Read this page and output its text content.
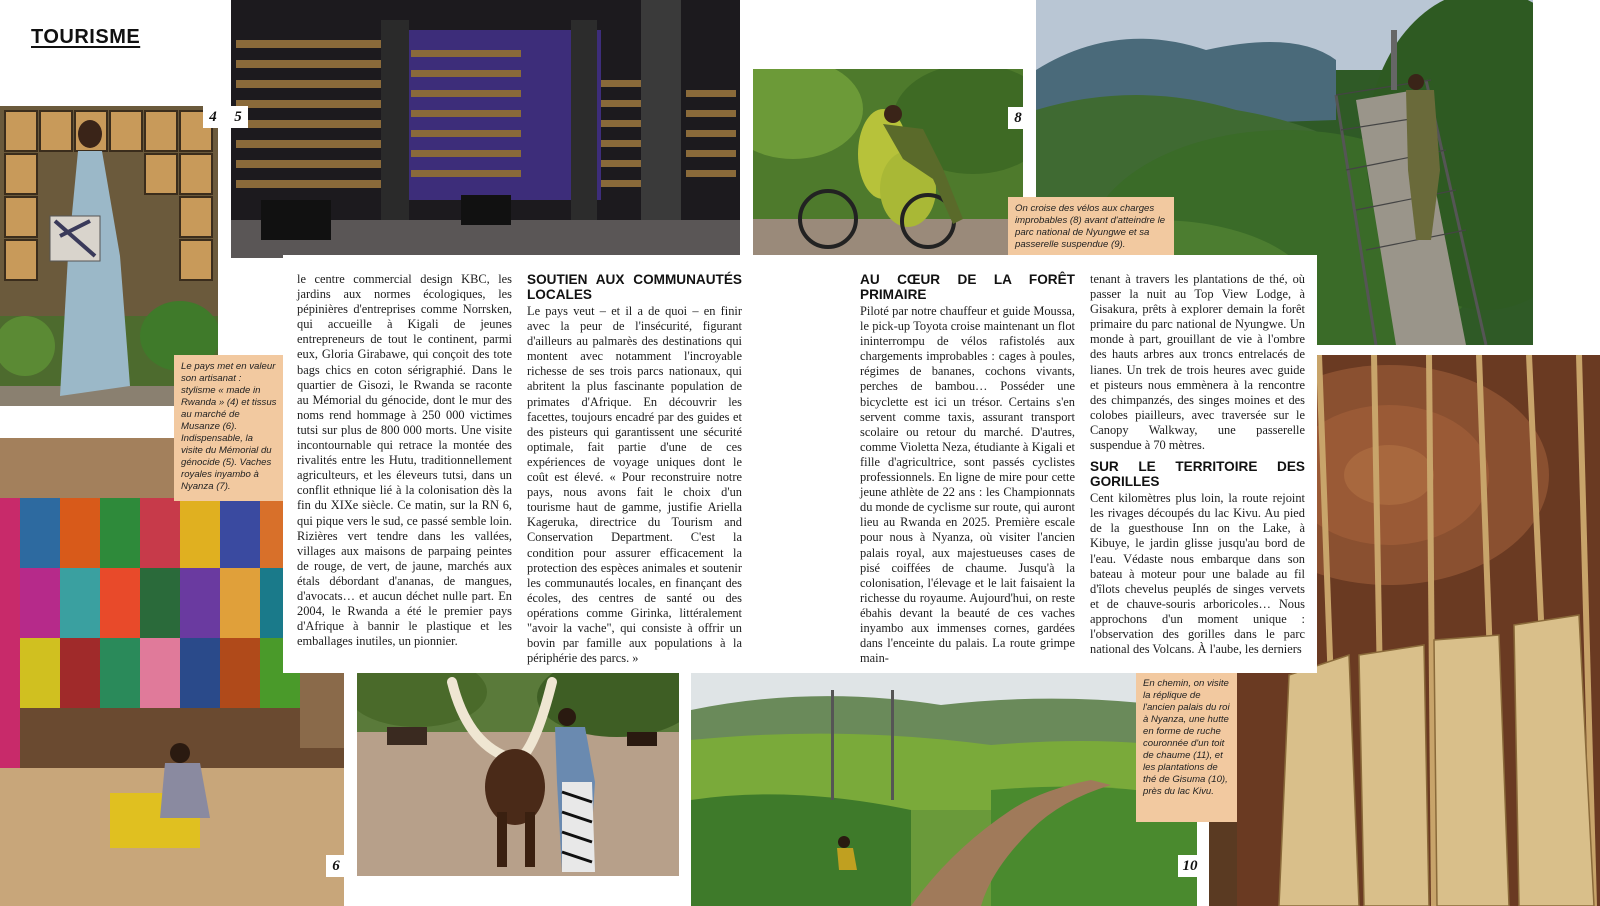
TOURISME
4	5	8
On croise des vélos aux charges improbables (8) avant d'atteindre le parc national de Nyungwe et sa passerelle suspendue (9).
6	10
En chemin, on visite la réplique de l'ancien palais du roi à Nyanza, une hutte en forme de ruche couronnée d'un toit de chaume (11), et les plantations de thé de Gisuma (10), près du lac Kivu.
Le pays met en valeur son artisanat : stylisme « made in Rwanda » (4) et tissus au marché de Musanze (6). Indispensable, la visite du Mémorial du génocide (5). Vaches royales inyambo à Nyanza (7).

le centre commercial design KBC, les jardins aux normes écologiques, les pépinières d'entreprises comme Norrsken, qui accueille à Kigali de jeunes entrepreneurs de tout le continent, parmi eux, Gloria Girabawe, qui conçoit des tote bags chics en coton sérigraphié. Dans le quartier de Gisozi, le Rwanda se raconte au Mémorial du génocide, dont le mur des noms rend hommage à 250 000 victimes tutsi sur plus de 800 000 morts. Une visite incontournable qui retrace la montée des rivalités entre les Hutu, traditionnellement agriculteurs, et les éleveurs tutsi, dans un conflit ethnique lié à la colonisation dès la fin du XIXe siècle. Ce matin, sur la RN 6, qui pique vers le sud, ce passé semble loin. Rizières vert tendre dans les vallées, villages aux maisons de parpaing peintes de rouge, de vert, de jaune, marchés aux étals débordant d'ananas, de mangues, d'avocats… et aucun déchet nulle part. En 2004, le Rwanda a été le premier pays d'Afrique à bannir le plastique et les emballages inutiles, un pionnier.

SOUTIEN AUX COMMUNAUTÉS LOCALES

Le pays veut – et il a de quoi – en finir avec la peur de l'insécurité, figurant d'ailleurs au palmarès des destinations qui montent avec notamment l'incroyable richesse de ses trois parcs nationaux, qui abritent la plus fascinante population de primates d'Afrique. En découvrir les facettes, toujours encadré par des guides et des pisteurs qui garantissent une sécurité optimale, fait partie d'une de ces expériences de voyage uniques dont le coût est élevé. « Pour reconstruire notre pays, nous avons fait le choix d'un tourisme haut de gamme, justifie Ariella Kageruka, directrice du Tourism and Conservation Department. C'est la condition pour assurer efficacement la protection des espèces animales et soutenir les communautés locales, en finançant des écoles, des centres de santé ou des opérations comme Girinka, littéralement "avoir la vache", qui consiste à offrir un bovin par famille aux populations à la périphérie des parcs. »

AU CŒUR DE LA FORÊT PRIMAIRE

Piloté par notre chauffeur et guide Moussa, le pick-up Toyota croise maintenant un flot ininterrompu de vélos rafistolés aux chargements improbables : cages à poules, régimes de bananes, cochons vivants, perches de bambou… Posséder une bicyclette est ici un trésor. Certains s'en servent comme taxis, assurant transport scolaire ou retour du marché. D'autres, comme Violetta Neza, étudiante à Kigali et fille d'agricultrice, sont passés cyclistes professionnels. En ligne de mire pour cette jeune athlète de 22 ans : les Championnats du monde de cyclisme sur route, qui auront lieu au Rwanda en 2025. Première escale pour nous à Nyanza, où visiter l'ancien palais royal, aux majestueuses cases de pisé coiffées de chaume. Jusqu'à la colonisation, l'élevage et le lait faisaient la richesse du royaume. Aujourd'hui, on reste ébahis devant la beauté de ces vaches inyambo aux immenses cornes, gardées dans l'enceinte du palais. La route grimpe main-

tenant à travers les plantations de thé, où passer la nuit au Top View Lodge, à Gisakura, prêts à explorer demain la forêt primaire du parc national de Nyungwe. Un monde à part, grouillant de vie à l'ombre des hauts arbres aux troncs entrelacés de lianes. Un trek de trois heures avec guide et pisteurs nous emmènera à la rencontre des chimpanzés, des singes moines et des colobes piailleurs, avec traversée sur le Canopy Walkway, une passerelle suspendue à 70 mètres.

SUR LE TERRITOIRE DES GORILLES

Cent kilomètres plus loin, la route rejoint les rivages découpés du lac Kivu. Au pied de la guesthouse Inn on the Lake, à Kibuye, le jardin glisse jusqu'au bord de l'eau. Védaste nous embarque dans son bateau à moteur pour une balade au fil d'îlots chevelus peuplés de singes vervets et de chauve-souris arboricoles… Nous approchons d'un moment unique : l'observation des gorilles dans le parc national des Volcans. À l'aube, les derniers
